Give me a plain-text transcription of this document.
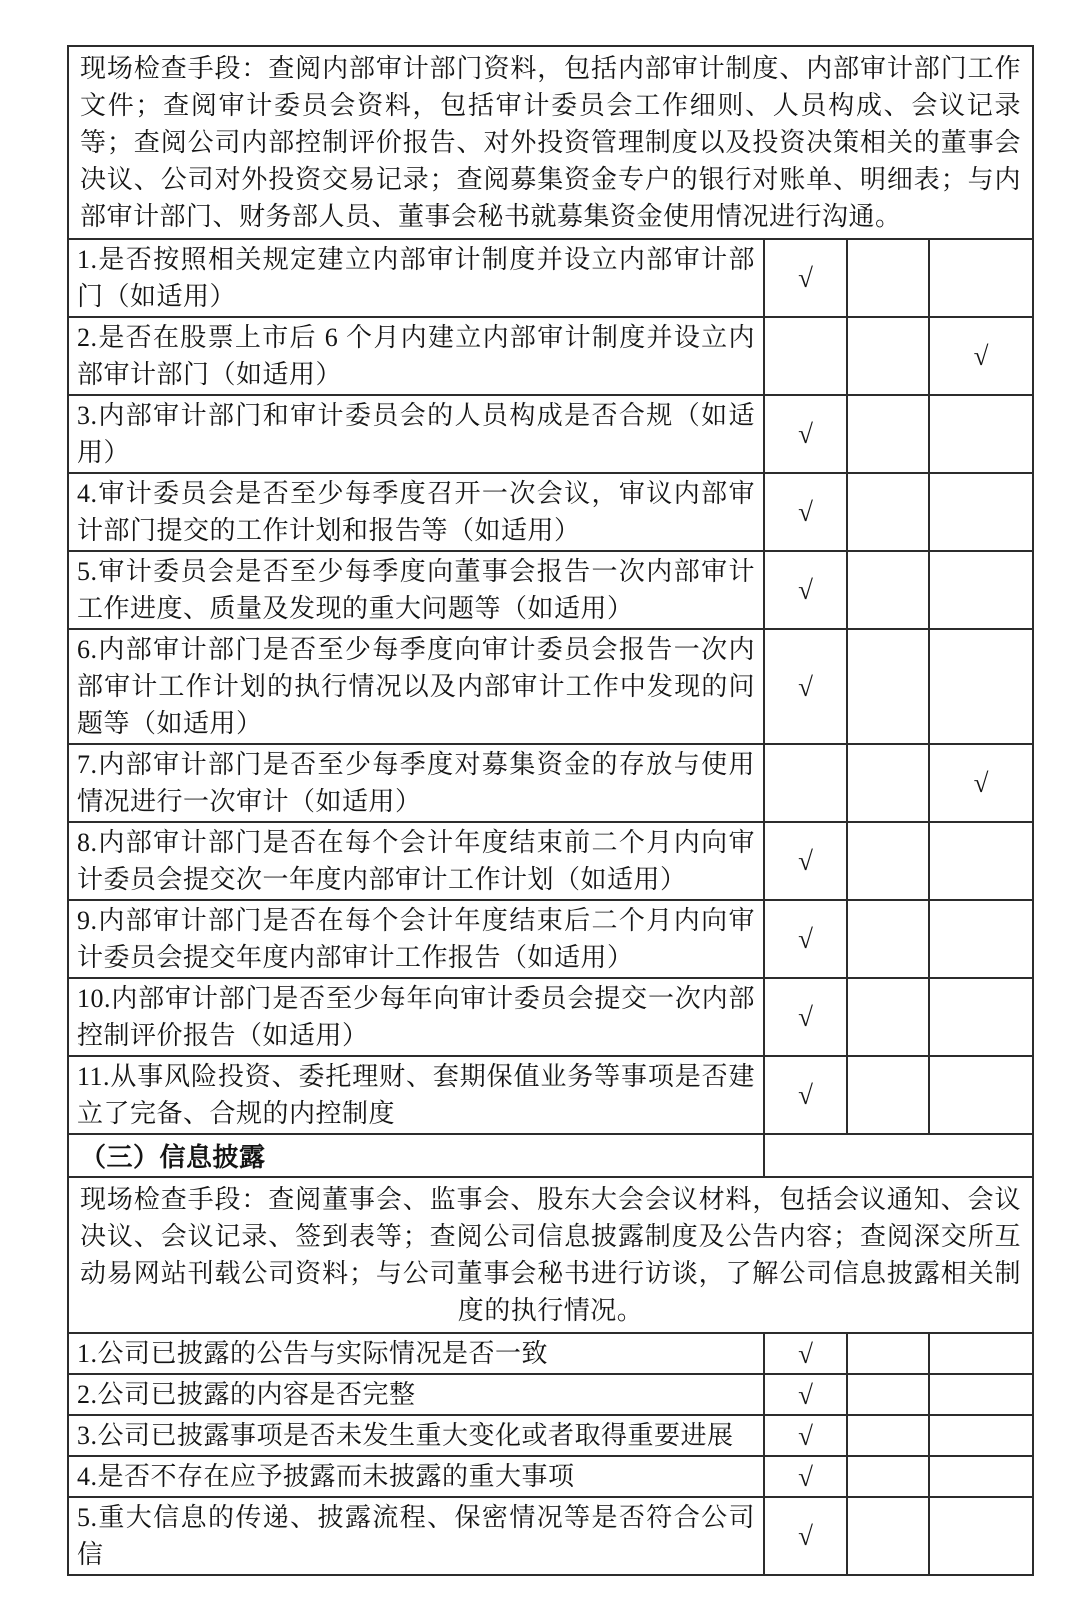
现场检查手段：查阅内部审计部门资料，包括内部审计制度、内部审计部门工作文件；查阅审计委员会资料，包括审计委员会工作细则、人员构成、会议记录等；查阅公司内部控制评价报告、对外投资管理制度以及投资决策相关的董事会决议、公司对外投资交易记录；查阅募集资金专户的银行对账单、明细表；与内部审计部门、财务部人员、董事会秘书就募集资金使用情况进行沟通。			
1.是否按照相关规定建立内部审计制度并设立内部审计部门（如适用）	√		
2.是否在股票上市后 6 个月内建立内部审计制度并设立内部审计部门（如适用）			√
3.内部审计部门和审计委员会的人员构成是否合规（如适用）	√		
4.审计委员会是否至少每季度召开一次会议，审议内部审计部门提交的工作计划和报告等（如适用）	√		
5.审计委员会是否至少每季度向董事会报告一次内部审计工作进度、质量及发现的重大问题等（如适用）	√		
6.内部审计部门是否至少每季度向审计委员会报告一次内部审计工作计划的执行情况以及内部审计工作中发现的问题等（如适用）	√		
7.内部审计部门是否至少每季度对募集资金的存放与使用情况进行一次审计（如适用）			√
8.内部审计部门是否在每个会计年度结束前二个月内向审计委员会提交次一年度内部审计工作计划（如适用）	√		
9.内部审计部门是否在每个会计年度结束后二个月内向审计委员会提交年度内部审计工作报告（如适用）	√		
10.内部审计部门是否至少每年向审计委员会提交一次内部控制评价报告（如适用）	√		
11.从事风险投资、委托理财、套期保值业务等事项是否建立了完备、合规的内控制度	√		
（三）信息披露			
现场检查手段：查阅董事会、监事会、股东大会会议材料，包括会议通知、会议决议、会议记录、签到表等；查阅公司信息披露制度及公告内容；查阅深交所互动易网站刊载公司资料；与公司董事会秘书进行访谈，了解公司信息披露相关制度的执行情况。			
1.公司已披露的公告与实际情况是否一致	√		
2.公司已披露的内容是否完整	√		
3.公司已披露事项是否未发生重大变化或者取得重要进展	√		
4.是否不存在应予披露而未披露的重大事项	√		
5.重大信息的传递、披露流程、保密情况等是否符合公司信	√		
